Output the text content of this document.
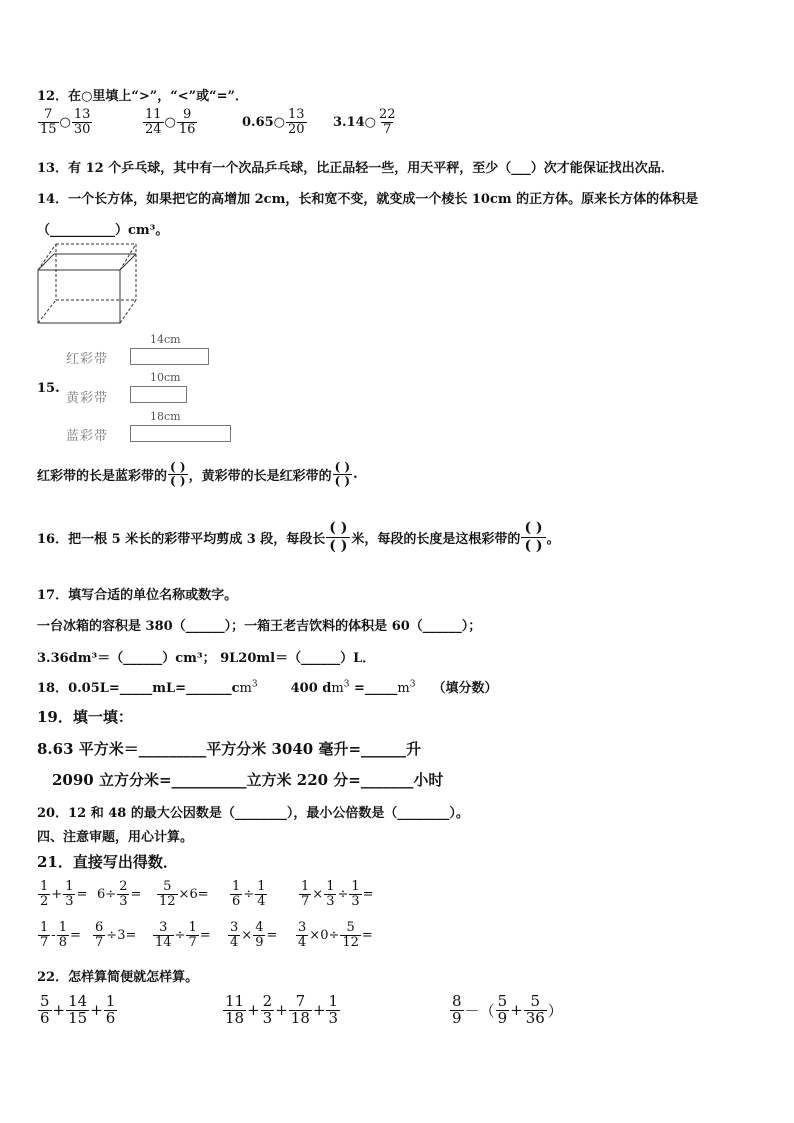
12．在○里填上“>”，“<”或“=”．
$\frac{7}{15}$ ○ $\frac{13}{30}$	$\frac{11}{24}$ ○ $\frac{9}{16}$	0.65 ○ $\frac{13}{20} 3.14$ ○ $\frac{22}{7}$
13．有 12 个乒乓球，其中有一个次品乒乓球，比正品轻一些，用天平秤，至少（___）次才能保证找出次品．
14．一个长方体，如果把它的高增加 2cm，长和宽不变，就变成一个棱长 10cm 的正方体。原来长方体的体积是
（__________）cm³。
15.
14cm
红彩带
10cm
黄彩带
18cm
蓝彩带
红彩带的长是蓝彩带的 $\frac{( )}{( )}$ ，黄彩带的长是红彩带的 $\frac{( )}{( )}$ .
16．把一根 5 米长的彩带平均剪成 3 段，每段长 $\frac{( )}{( )}$ 米，每段的长度是这根彩带的 $\frac{( )}{( )}$ 。
17．填写合适的单位名称或数字。
一台冰箱的容积是 380（______）；一箱王老吉饮料的体积是 60（______）；
3.36dm³＝（______）cm³； 9L20ml＝（______）L．
18．$0.05L=\_\_\_\_\_mL=\_\_\_\_\_\_\_cm^3$	400 $dm^3$ $=\_\_\_\_\_m^3$ （填分数）
19．填一填：
8.63 平方米＝_________平方分米 3040 毫升=______升
2090 立方分米=__________立方米 220 分=_______小时
20．12 和 48 的最大公因数是（________），最小公倍数是（________）。
四、注意审题，用心计算。
21．直接写出得数．
$\frac{1}{2} + \frac{1}{3} = 6 \div \frac{2}{3} = \frac{5}{12} \times 6 = \frac{1}{6} \div \frac{1}{4} \frac{1}{7} \times \frac{1}{3} \div \frac{1}{3}$ =
$\frac{1}{7} - \frac{1}{8} = \frac{6}{7} \div 3 = \frac{3}{14} \div \frac{1}{7} = \frac{3}{4} \times \frac{4}{9} = \frac{3}{4} \times 0 \div \frac{5}{12}$ =
22．怎样算简便就怎样算。
$\frac{5}{6} + \frac{14}{15} + \frac{1}{6}$	$\frac{11}{18} + \frac{2}{3} + \frac{7}{18} + \frac{1}{3}$	$\frac{8}{9}$ － （ $\frac{5}{9} + \frac{5}{36}$ ）
